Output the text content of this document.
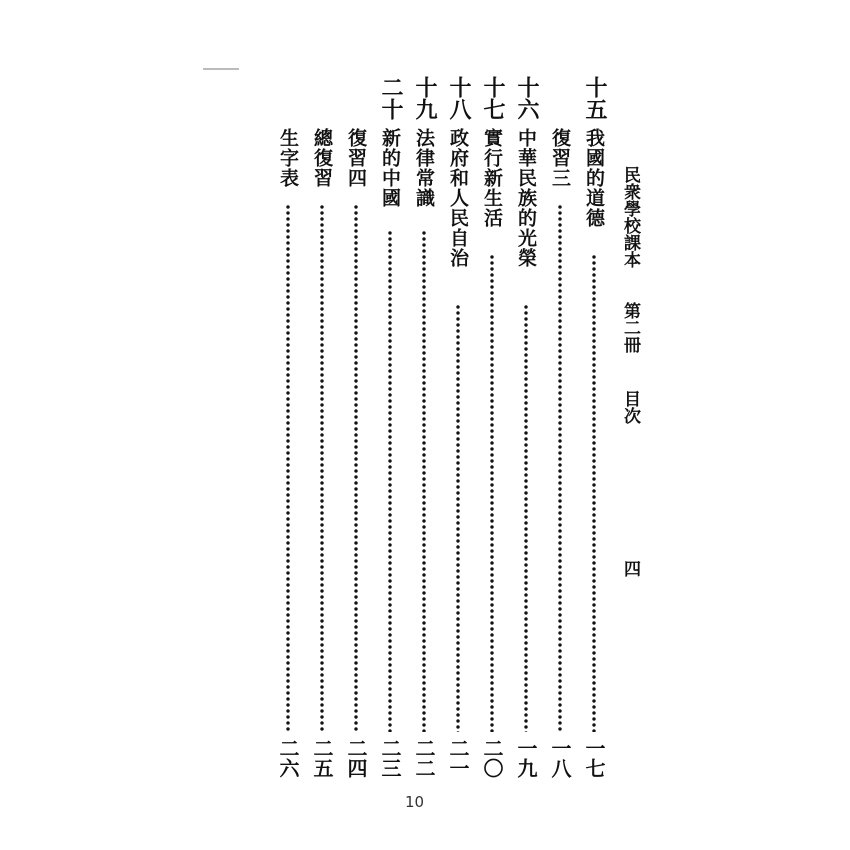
民衆學校課本
第二冊
目次
四
十五
我國的道德
一七
復習三
一八
十六
中華民族的光榮
一九
十七
實行新生活
二〇
十八
政府和人民自治
二一
十九
法律常識
二二
二十
新的中國
二三
復習四
二四
總復習
二五
生字表
二六
10
